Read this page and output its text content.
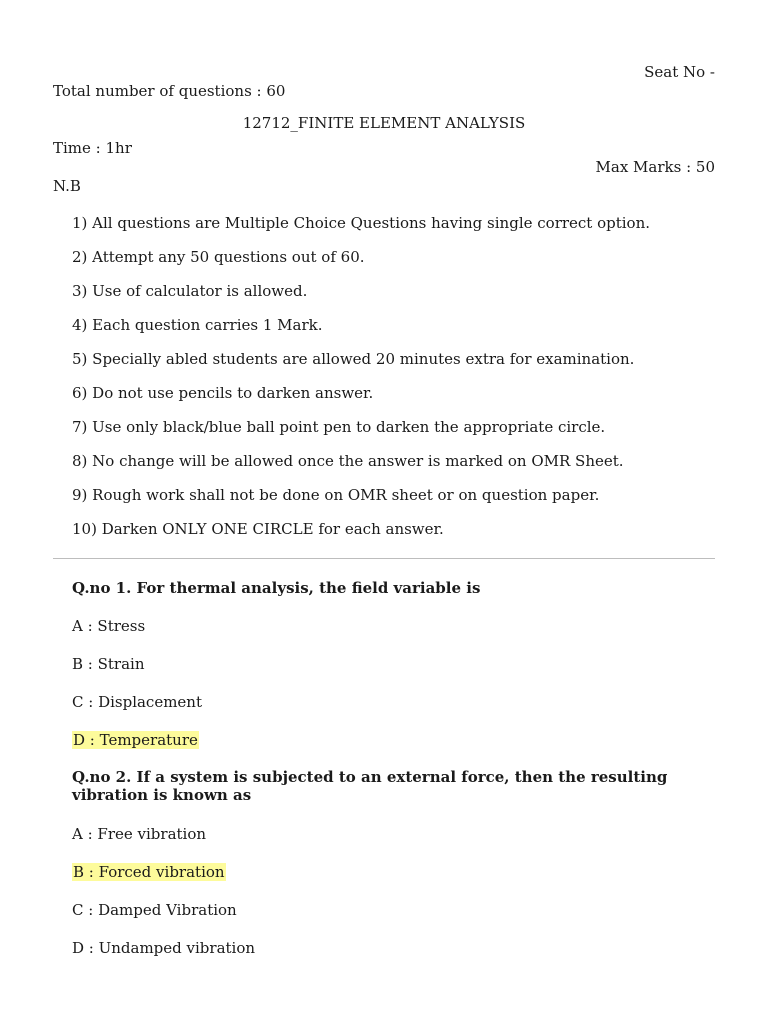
Seat No -
Total number of questions : 60
12712_FINITE ELEMENT ANALYSIS
Time : 1hr
Max Marks : 50
N.B
1) All questions are Multiple Choice Questions having single correct option.
2) Attempt any 50 questions out of 60.
3) Use of calculator is allowed.
4) Each question carries 1 Mark.
5) Specially abled students are allowed 20 minutes extra for examination.
6) Do not use pencils to darken answer.
7) Use only black/blue ball point pen to darken the appropriate circle.
8) No change will be allowed once the answer is marked on OMR Sheet.
9) Rough work shall not be done on OMR sheet or on question paper.
10) Darken ONLY ONE CIRCLE for each answer.
Q.no 1. For thermal analysis, the field variable is
A : Stress
B : Strain
C : Displacement
D : Temperature
Q.no 2. If a system is subjected to an external force, then the resulting vibration is known as
A : Free vibration
B : Forced vibration
C : Damped Vibration
D : Undamped vibration
